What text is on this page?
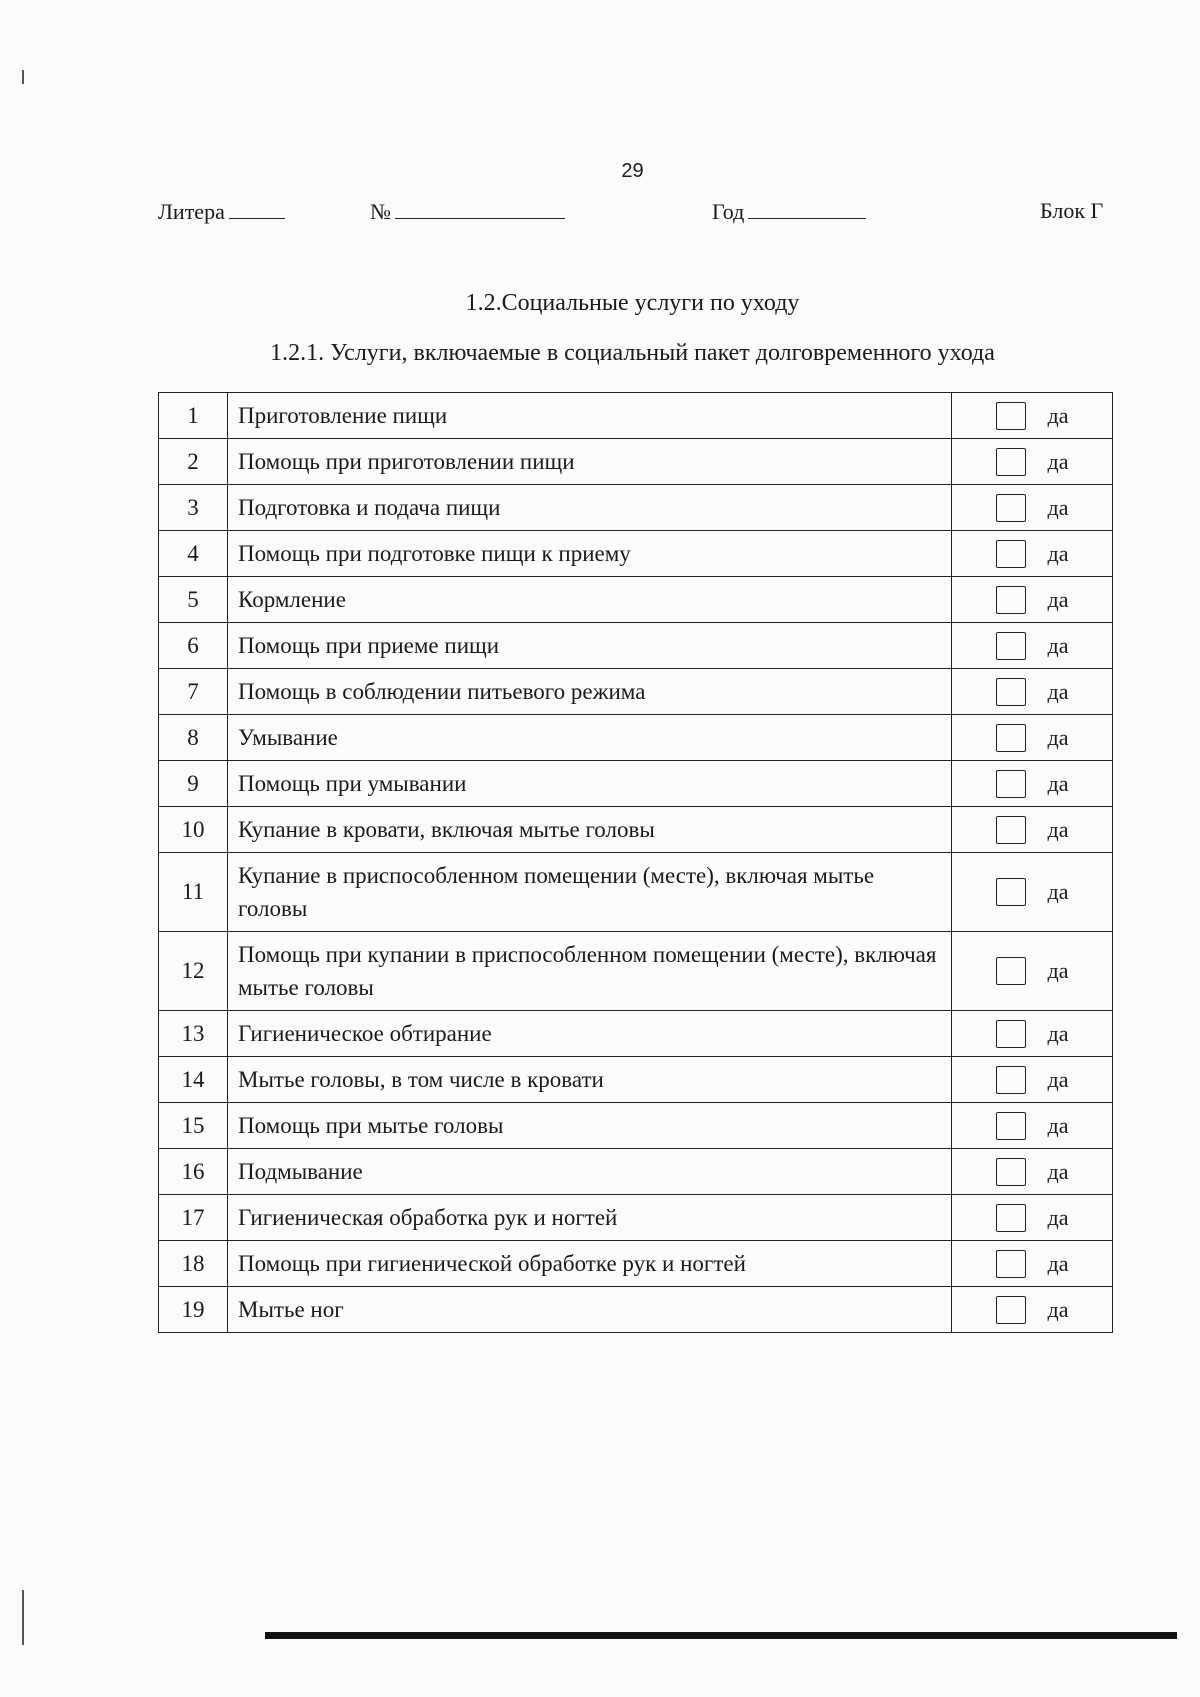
29
Литера	№	Год	Блок Г
1.2.Социальные услуги по уходу
1.2.1. Услуги, включаемые в социальный пакет долговременного ухода
1	Приготовление пищи	да

2	Помощь при приготовлении пищи	да

3	Подготовка и подача пищи	да

4	Помощь при подготовке пищи к приему	да

5	Кормление	да

6	Помощь при приеме пищи	да

7	Помощь в соблюдении питьевого режима	да

8	Умывание	да

9	Помощь при умывании	да

10	Купание в кровати, включая мытье головы	да

11	Купание в приспособленном помещении (месте), включая мытье головы	да

12	Помощь при купании в приспособленном помещении (месте), включая мытье головы	да

13	Гигиеническое обтирание	да

14	Мытье головы, в том числе в кровати	да

15	Помощь при мытье головы	да

16	Подмывание	да

17	Гигиеническая обработка рук и ногтей	да

18	Помощь при гигиенической обработке рук и ногтей	да

19	Мытье ног	да
